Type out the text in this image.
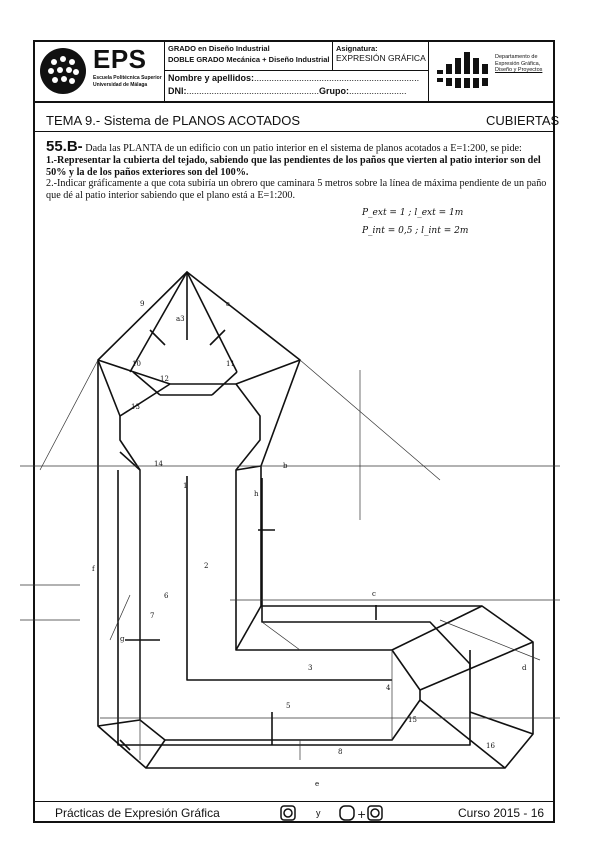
EPS
Escuela Politécnica Superior
Universidad de Málaga
GRADO en Diseño Industrial
DOBLE GRADO Mecánica + Diseño Industrial
Asignatura:
EXPRESIÓN GRÁFICA
Nombre y apellidos:..................................................................
DNI:.....................................................Grupo:.......................
Departamento de
Expresión Gráfica,
Diseño y Proyectos
TEMA 9.- Sistema de PLANOS ACOTADOS	CUBIERTAS
55.B- Dada las PLANTA de un edificio con un patio interior en el sistema de planos acotados a E=1:200, se pide:
1.-Representar la cubierta del tejado, sabiendo que las pendientes de los paños que vierten al patio interior son del 50% y la de los paños exteriores son del 100%.
2.-Indicar gráficamente a que cota subiría un obrero que caminara 5 metros sobre la línea de máxima pendiente de un paño que dé al patio interior sabiendo que el plano está a E=1:200.
P_ext = 1 ; l_ext = 1m
P_int = 0,5 ; l_int = 2m
9	a
a3
10	11
12
13
14
1
2
3
4
5
6
7
8
b
c
d
e
f
g
h
15
16
Prácticas de Expresión Gráfica	y	+	Curso 2015 - 16
